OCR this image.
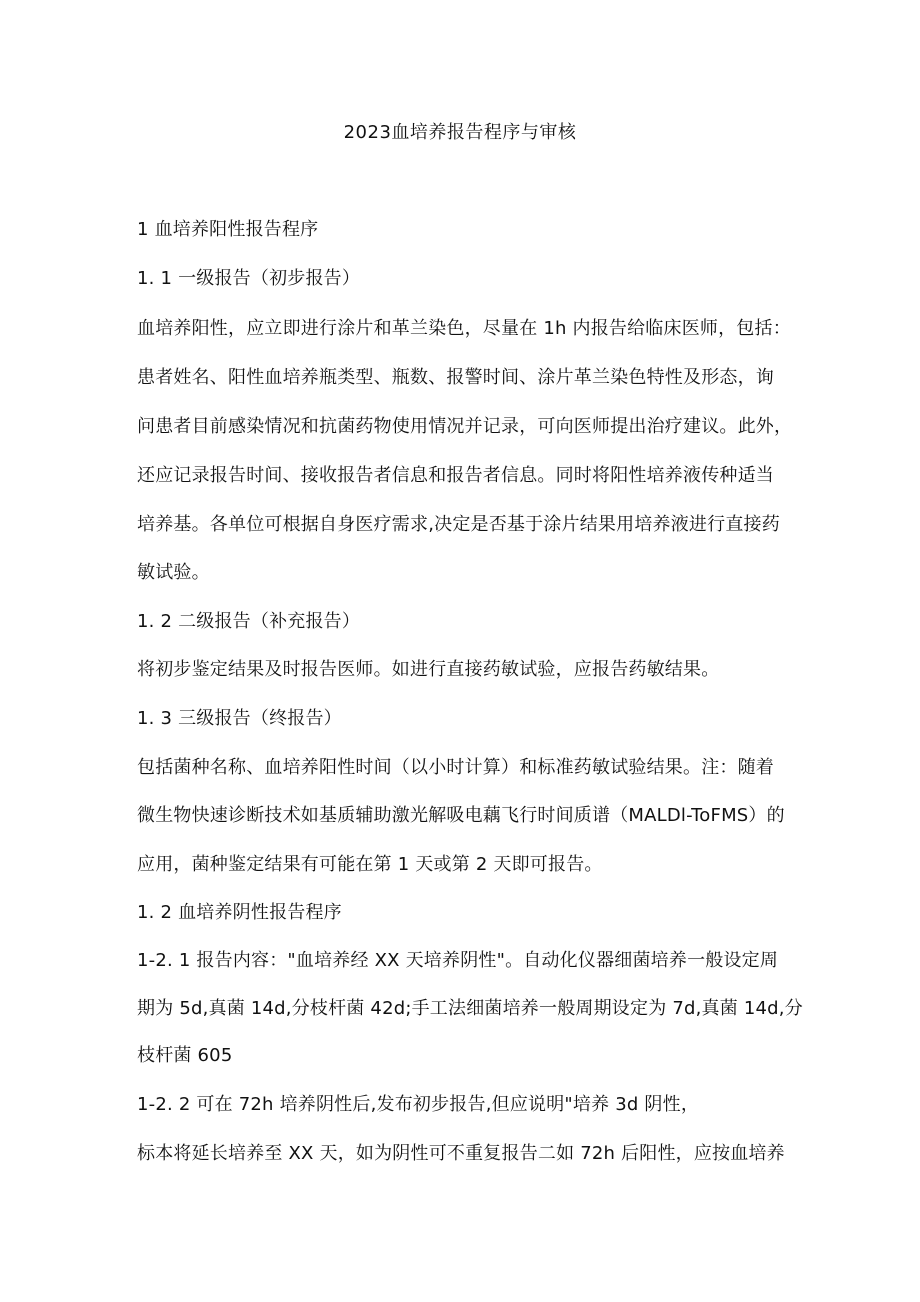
2023血培养报告程序与审核
1 血培养阳性报告程序
1. 1 一级报告（初步报告）
血培养阳性，应立即进行涂片和革兰染色，尽量在 1h 内报告给临床医师，包括：
患者姓名、阳性血培养瓶类型、瓶数、报警时间、涂片革兰染色特性及形态，询
问患者目前感染情况和抗菌药物使用情况并记录，可向医师提出治疗建议。此外，
还应记录报告时间、接收报告者信息和报告者信息。同时将阳性培养液传种适当
培养基。各单位可根据自身医疗需求,决定是否基于涂片结果用培养液进行直接药
敏试验。
1. 2 二级报告（补充报告）
将初步鉴定结果及时报告医师。如进行直接药敏试验，应报告药敏结果。
1. 3 三级报告（终报告）
包括菌种名称、血培养阳性时间（以小时计算）和标准药敏试验结果。注：随着
微生物快速诊断技术如基质辅助激光解吸电藕飞行时间质谱（MALDl-ToFMS）的
应用，菌种鉴定结果有可能在第 1 天或第 2 天即可报告。
1. 2 血培养阴性报告程序
1-2. 1 报告内容："血培养经 XX 天培养阴性"。自动化仪器细菌培养一般设定周
期为 5d,真菌 14d,分枝杆菌 42d;手工法细菌培养一般周期设定为 7d,真菌 14d,分
枝杆菌 605
1-2. 2 可在 72h 培养阴性后,发布初步报告,但应说明"培养 3d 阴性，
标本将延长培养至 XX 天，如为阴性可不重复报告二如 72h 后阳性，应按血培养
